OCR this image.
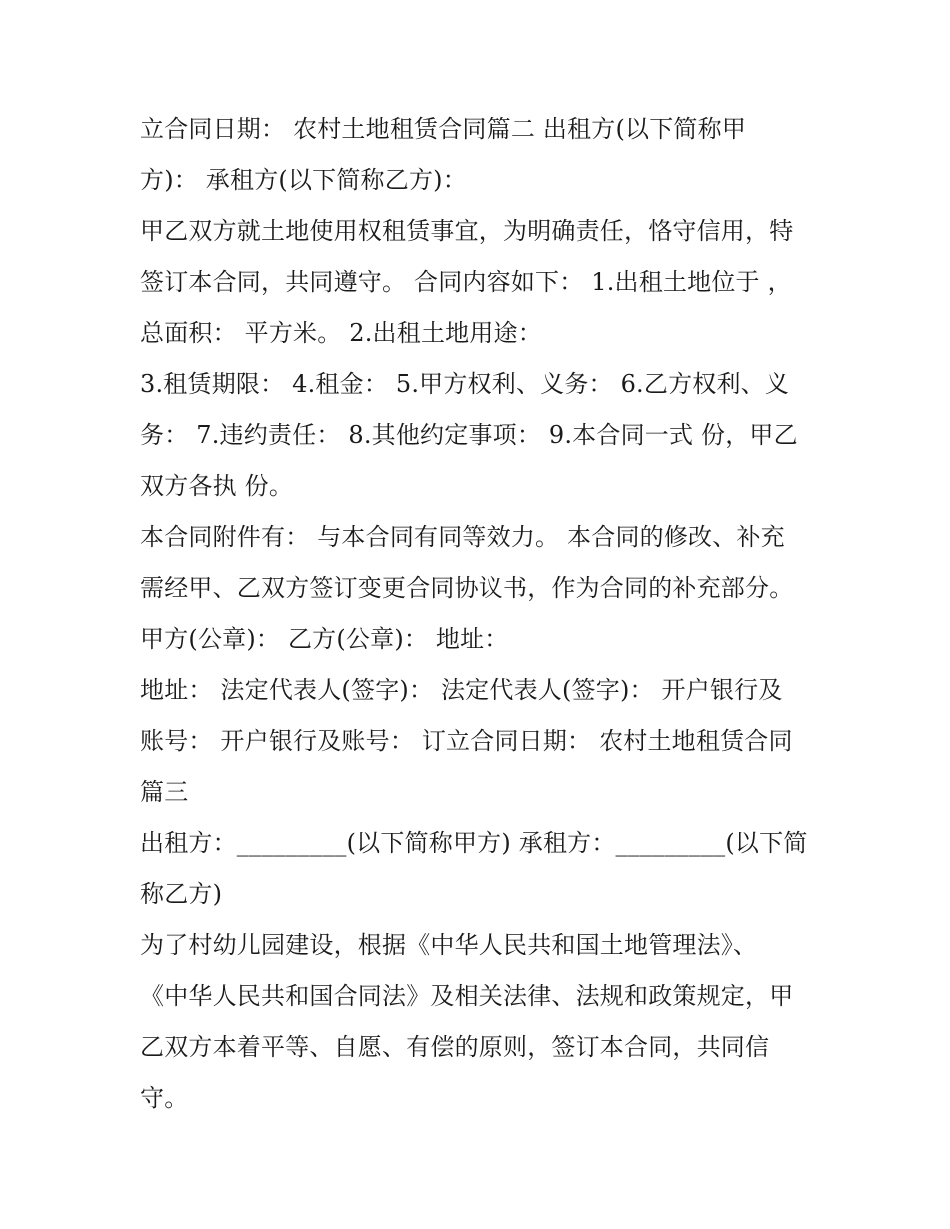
立合同日期： 农村土地租赁合同篇二 出租方(以下简称甲
方)： 承租方(以下简称乙方)：
甲乙双方就土地使用权租赁事宜，为明确责任，恪守信用，特
签订本合同，共同遵守。 合同内容如下： 1.出租土地位于 ，
总面积： 平方米。 2.出租土地用途：
3.租赁期限： 4.租金： 5.甲方权利、义务： 6.乙方权利、义
务： 7.违约责任： 8.其他约定事项： 9.本合同一式 份，甲乙
双方各执 份。
本合同附件有： 与本合同有同等效力。 本合同的修改、补充
需经甲、乙双方签订变更合同协议书，作为合同的补充部分。
甲方(公章)： 乙方(公章)： 地址：
地址： 法定代表人(签字)： 法定代表人(签字)： 开户银行及
账号： 开户银行及账号： 订立合同日期： 农村土地租赁合同
篇三
出租方：_________(以下简称甲方) 承租方：_________(以下简
称乙方)
为了村幼儿园建设，根据《中华人民共和国土地管理法》、
《中华人民共和国合同法》及相关法律、法规和政策规定，甲
乙双方本着平等、自愿、有偿的原则，签订本合同，共同信
守。
